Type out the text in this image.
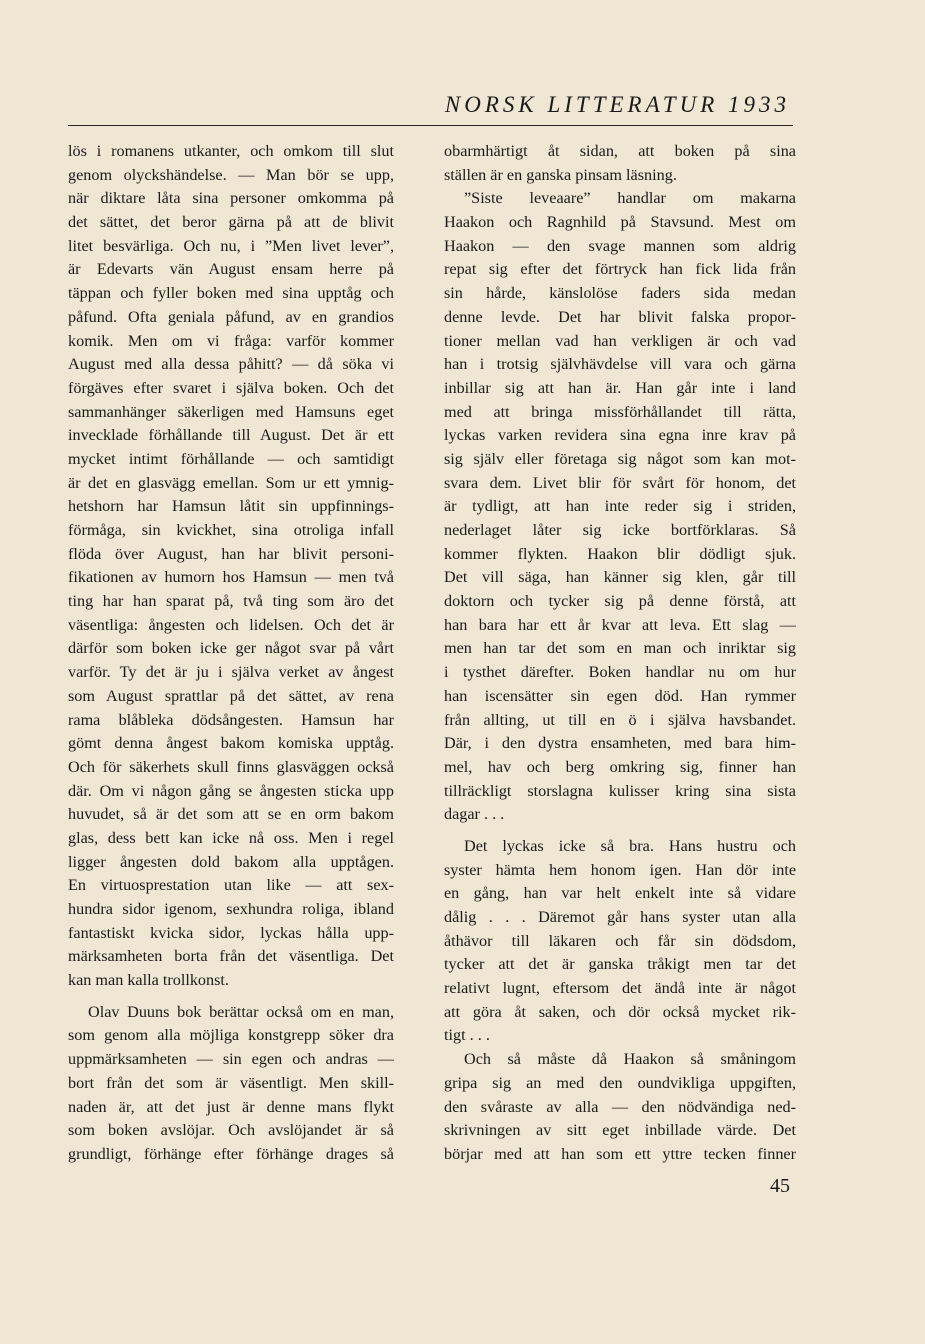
NORSK LITTERATUR 1933
lös i romanens utkanter, och omkom till slut
genom olyckshändelse. — Man bör se upp,
när diktare låta sina personer omkomma på
det sättet, det beror gärna på att de blivit
litet besvärliga. Och nu, i ”Men livet lever”,
är Edevarts vän August ensam herre på
täppan och fyller boken med sina upptåg och
påfund. Ofta geniala påfund, av en grandios
komik. Men om vi fråga: varför kommer
August med alla dessa påhitt? — då söka vi
förgäves efter svaret i själva boken. Och det
sammanhänger säkerligen med Hamsuns eget
invecklade förhållande till August. Det är ett
mycket intimt förhållande — och samtidigt
är det en glasvägg emellan. Som ur ett ymnig-
hetshorn har Hamsun låtit sin uppfinnings-
förmåga, sin kvickhet, sina otroliga infall
flöda över August, han har blivit personi-
fikationen av humorn hos Hamsun — men två
ting har han sparat på, två ting som äro det
väsentliga: ångesten och lidelsen. Och det är
därför som boken icke ger något svar på vårt
varför. Ty det är ju i själva verket av ångest
som August sprattlar på det sättet, av rena
rama blåbleka dödsångesten. Hamsun har
gömt denna ångest bakom komiska upptåg.
Och för säkerhets skull finns glasväggen också
där. Om vi någon gång se ångesten sticka upp
huvudet, så är det som att se en orm bakom
glas, dess bett kan icke nå oss. Men i regel
ligger ångesten dold bakom alla upptågen.
En virtuosprestation utan like — att sex-
hundra sidor igenom, sexhundra roliga, ibland
fantastiskt kvicka sidor, lyckas hålla upp-
märksamheten borta från det väsentliga. Det
kan man kalla trollkonst.
Olav Duuns bok berättar också om en man,
som genom alla möjliga konstgrepp söker dra
uppmärksamheten — sin egen och andras —
bort från det som är väsentligt. Men skill-
naden är, att det just är denne mans flykt
som boken avslöjar. Och avslöjandet är så
grundligt, förhänge efter förhänge drages så
obarmhärtigt åt sidan, att boken på sina
ställen är en ganska pinsam läsning.
”Siste leveaare” handlar om makarna
Haakon och Ragnhild på Stavsund. Mest om
Haakon — den svage mannen som aldrig
repat sig efter det förtryck han fick lida från
sin hårde, känslolöse faders sida medan
denne levde. Det har blivit falska propor-
tioner mellan vad han verkligen är och vad
han i trotsig självhävdelse vill vara och gärna
inbillar sig att han är. Han går inte i land
med att bringa missförhållandet till rätta,
lyckas varken revidera sina egna inre krav på
sig själv eller företaga sig något som kan mot-
svara dem. Livet blir för svårt för honom, det
är tydligt, att han inte reder sig i striden,
nederlaget låter sig icke bortförklaras. Så
kommer flykten. Haakon blir dödligt sjuk.
Det vill säga, han känner sig klen, går till
doktorn och tycker sig på denne förstå, att
han bara har ett år kvar att leva. Ett slag —
men han tar det som en man och inriktar sig
i tysthet därefter. Boken handlar nu om hur
han iscensätter sin egen död. Han rymmer
från allting, ut till en ö i själva havsbandet.
Där, i den dystra ensamheten, med bara him-
mel, hav och berg omkring sig, finner han
tillräckligt storslagna kulisser kring sina sista
dagar . . .
Det lyckas icke så bra. Hans hustru och
syster hämta hem honom igen. Han dör inte
en gång, han var helt enkelt inte så vidare
dålig . . . Däremot går hans syster utan alla
åthävor till läkaren och får sin dödsdom,
tycker att det är ganska tråkigt men tar det
relativt lugnt, eftersom det ändå inte är något
att göra åt saken, och dör också mycket rik-
tigt . . .
Och så måste då Haakon så småningom
gripa sig an med den oundvikliga uppgiften,
den svåraste av alla — den nödvändiga ned-
skrivningen av sitt eget inbillade värde. Det
börjar med att han som ett yttre tecken finner
45
